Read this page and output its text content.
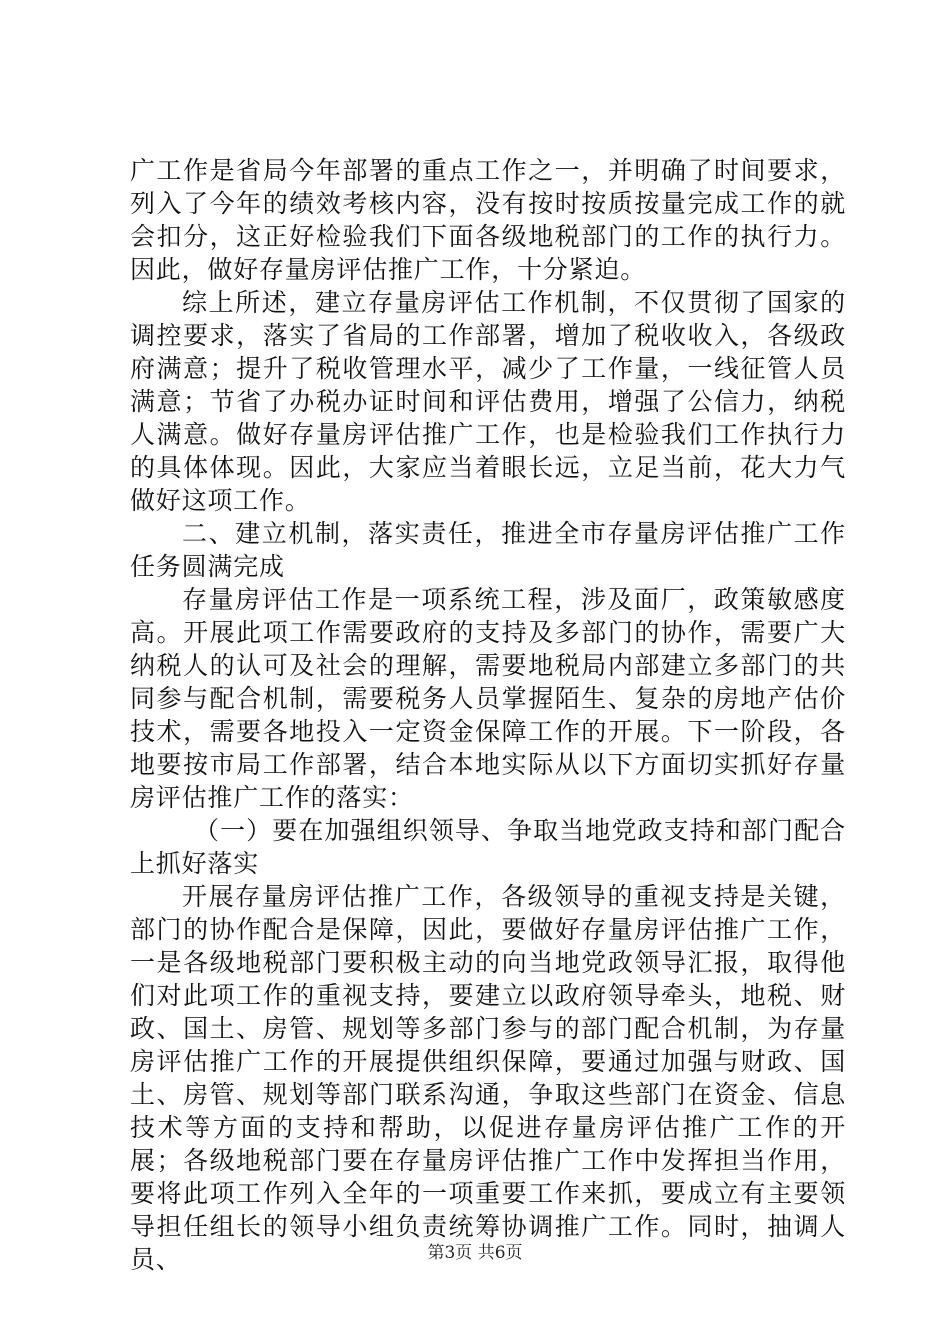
广工作是省局今年部署的重点工作之一，并明确了时间要求，列入了今年的绩效考核内容，没有按时按质按量完成工作的就会扣分，这正好检验我们下面各级地税部门的工作的执行力。因此，做好存量房评估推广工作，十分紧迫。

综上所述，建立存量房评估工作机制，不仅贯彻了国家的调控要求，落实了省局的工作部署，增加了税收收入，各级政府满意；提升了税收管理水平，减少了工作量，一线征管人员满意；节省了办税办证时间和评估费用，增强了公信力，纳税人满意。做好存量房评估推广工作，也是检验我们工作执行力的具体体现。因此，大家应当着眼长远，立足当前，花大力气做好这项工作。

二、建立机制，落实责任，推进全市存量房评估推广工作任务圆满完成

存量房评估工作是一项系统工程，涉及面厂，政策敏感度高。开展此项工作需要政府的支持及多部门的协作，需要广大纳税人的认可及社会的理解，需要地税局内部建立多部门的共同参与配合机制，需要税务人员掌握陌生、复杂的房地产估价技术，需要各地投入一定资金保障工作的开展。下一阶段，各地要按市局工作部署，结合本地实际从以下方面切实抓好存量房评估推广工作的落实：

（一）要在加强组织领导、争取当地党政支持和部门配合上抓好落实

开展存量房评估推广工作，各级领导的重视支持是关键，部门的协作配合是保障，因此，要做好存量房评估推广工作，一是各级地税部门要积极主动的向当地党政领导汇报，取得他们对此项工作的重视支持，要建立以政府领导牵头，地税、财政、国土、房管、规划等多部门参与的部门配合机制，为存量房评估推广工作的开展提供组织保障，要通过加强与财政、国土、房管、规划等部门联系沟通，争取这些部门在资金、信息技术等方面的支持和帮助，以促进存量房评估推广工作的开展；各级地税部门要在存量房评估推广工作中发挥担当作用，要将此项工作列入全年的一项重要工作来抓，要成立有主要领导担任组长的领导小组负责统筹协调推广工作。同时，抽调人员、	第3页 共6页
